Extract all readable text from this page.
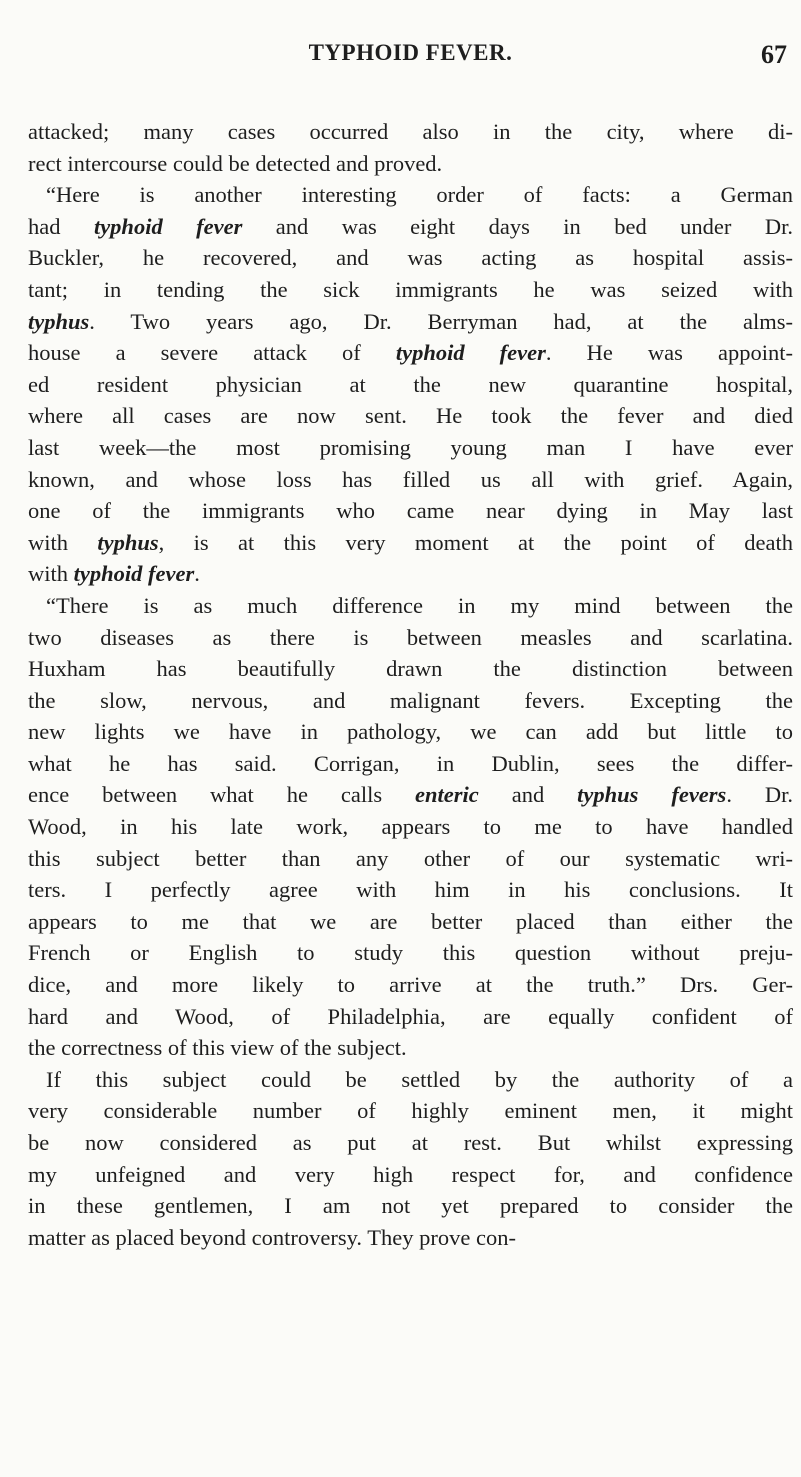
TYPHOID FEVER.	67
attacked; many cases occurred also in the city, where di-
rect intercourse could be detected and proved.
“Here is another interesting order of facts: a German
had typhoid fever and was eight days in bed under Dr.
Buckler, he recovered, and was acting as hospital assis-
tant; in tending the sick immigrants he was seized with
typhus. Two years ago, Dr. Berryman had, at the alms-
house a severe attack of typhoid fever. He was appoint-
ed resident physician at the new quarantine hospital,
where all cases are now sent. He took the fever and died
last week—the most promising young man I have ever
known, and whose loss has filled us all with grief. Again,
one of the immigrants who came near dying in May last
with typhus, is at this very moment at the point of death
with typhoid fever.
“There is as much difference in my mind between the
two diseases as there is between measles and scarlatina.
Huxham has beautifully drawn the distinction between
the slow, nervous, and malignant fevers. Excepting the
new lights we have in pathology, we can add but little to
what he has said. Corrigan, in Dublin, sees the differ-
ence between what he calls enteric and typhus fevers. Dr.
Wood, in his late work, appears to me to have handled
this subject better than any other of our systematic wri-
ters. I perfectly agree with him in his conclusions. It
appears to me that we are better placed than either the
French or English to study this question without preju-
dice, and more likely to arrive at the truth.” Drs. Ger-
hard and Wood, of Philadelphia, are equally confident of
the correctness of this view of the subject.
If this subject could be settled by the authority of a
very considerable number of highly eminent men, it might
be now considered as put at rest. But whilst expressing
my unfeigned and very high respect for, and confidence
in these gentlemen, I am not yet prepared to consider the
matter as placed beyond controversy. They prove con-
